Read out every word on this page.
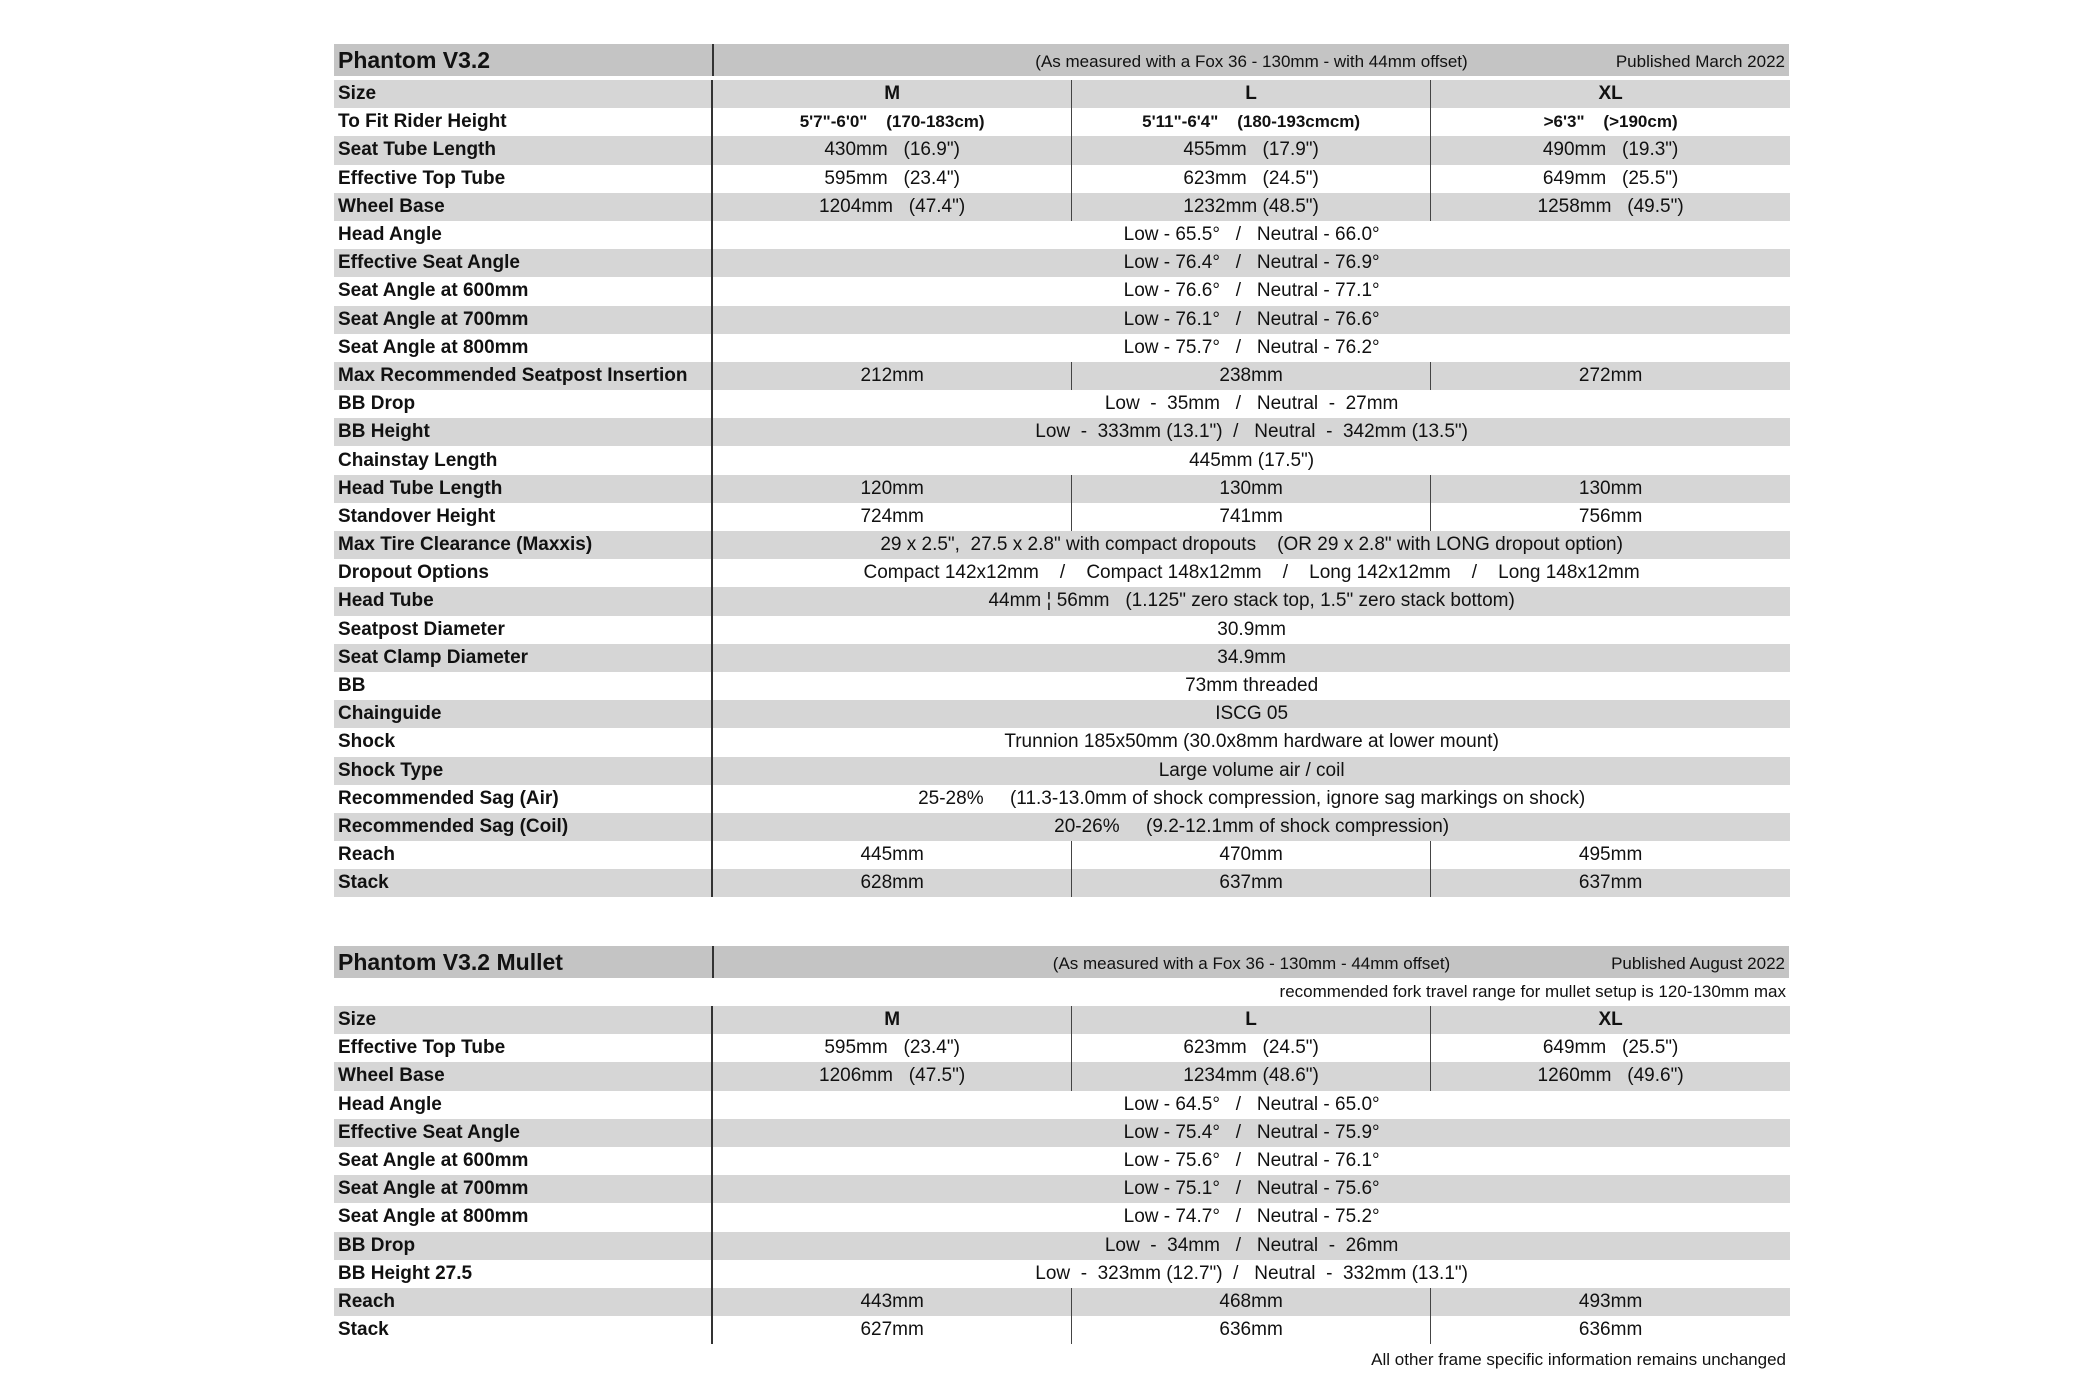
Phantom V3.2	(As measured with a Fox 36 - 130mm - with 44mm offset)	Published March 2022
Size	M	L	XL
To Fit Rider Height	5'7"-6'0"    (170-183cm)	5'11"-6'4"    (180-193cmcm)	>6'3"    (>190cm)
Seat Tube Length	430mm   (16.9")	455mm   (17.9")	490mm   (19.3")
Effective Top Tube	595mm   (23.4")	623mm   (24.5")	649mm   (25.5")
Wheel Base	1204mm   (47.4")	1232mm (48.5")	1258mm   (49.5")
Head Angle	Low - 65.5°   /   Neutral - 66.0°		
Effective Seat Angle	Low - 76.4°   /   Neutral - 76.9°		
Seat Angle at 600mm	Low - 76.6°   /   Neutral - 77.1°		
Seat Angle at 700mm	Low - 76.1°   /   Neutral - 76.6°		
Seat Angle at 800mm	Low - 75.7°   /   Neutral - 76.2°		
Max Recommended Seatpost Insertion	212mm	238mm	272mm
BB Drop	Low  -  35mm   /   Neutral  -  27mm		
BB Height	Low  -  333mm (13.1")  /   Neutral  -  342mm (13.5")		
Chainstay Length	445mm (17.5")		
Head Tube Length	120mm	130mm	130mm
Standover Height	724mm	741mm	756mm
Max Tire Clearance (Maxxis)	29 x 2.5",  27.5 x 2.8" with compact dropouts    (OR 29 x 2.8" with LONG dropout option)		
Dropout Options	Compact 142x12mm    /    Compact 148x12mm    /    Long 142x12mm    /    Long 148x12mm		
Head Tube	44mm ¦ 56mm   (1.125" zero stack top, 1.5" zero stack bottom)		
Seatpost Diameter	30.9mm		
Seat Clamp Diameter	34.9mm		
BB	73mm threaded		
Chainguide	ISCG 05		
Shock	Trunnion 185x50mm (30.0x8mm hardware at lower mount)		
Shock Type	Large volume air / coil		
Recommended Sag (Air)	25-28%     (11.3-13.0mm of shock compression, ignore sag markings on shock)		
Recommended Sag (Coil)	20-26%     (9.2-12.1mm of shock compression)		
Reach	445mm	470mm	495mm
Stack	628mm	637mm	637mm
Phantom V3.2 Mullet	(As measured with a Fox 36 - 130mm - 44mm offset)	Published August 2022
recommended fork travel range for mullet setup is 120-130mm max
Size	M	L	XL
Effective Top Tube	595mm   (23.4")	623mm   (24.5")	649mm   (25.5")
Wheel Base	1206mm   (47.5")	1234mm (48.6")	1260mm   (49.6")
Head Angle	Low - 64.5°   /   Neutral - 65.0°		
Effective Seat Angle	Low - 75.4°   /   Neutral - 75.9°		
Seat Angle at 600mm	Low - 75.6°   /   Neutral - 76.1°		
Seat Angle at 700mm	Low - 75.1°   /   Neutral - 75.6°		
Seat Angle at 800mm	Low - 74.7°   /   Neutral - 75.2°		
BB Drop	Low  -  34mm   /   Neutral  -  26mm		
BB Height 27.5	Low  -  323mm (12.7")  /   Neutral  -  332mm (13.1")		
Reach	443mm	468mm	493mm
Stack	627mm	636mm	636mm
All other frame specific information remains unchanged
